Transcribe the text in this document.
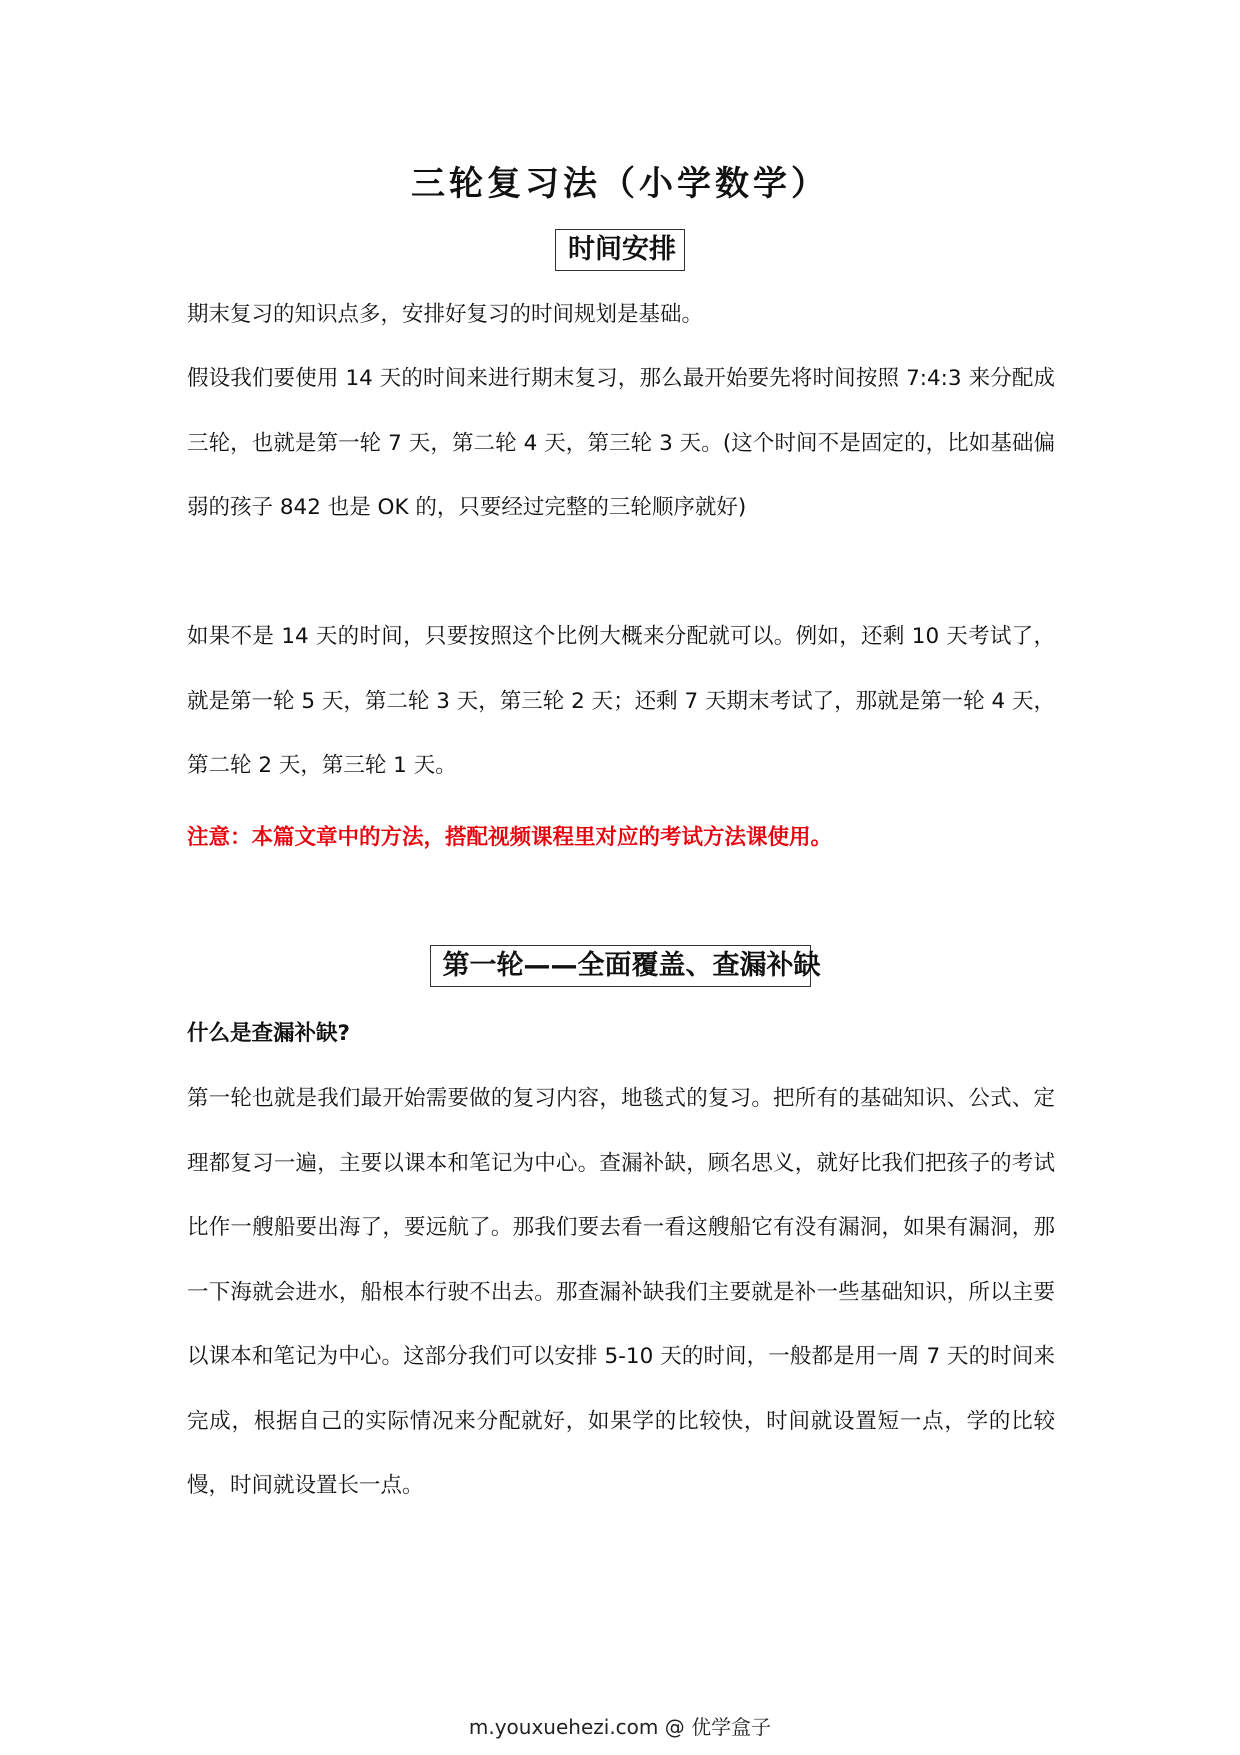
三轮复习法（小学数学）
时间安排
期末复习的知识点多，安排好复习的时间规划是基础。
假设我们要使用 14 天的时间来进行期末复习，那么最开始要先将时间按照 7:4:3 来分配成三轮，也就是第一轮 7 天，第二轮 4 天，第三轮 3 天。(这个时间不是固定的，比如基础偏弱的孩子 842 也是 OK 的，只要经过完整的三轮顺序就好)
如果不是 14 天的时间，只要按照这个比例大概来分配就可以。例如，还剩 10 天考试了，就是第一轮 5 天，第二轮 3 天，第三轮 2 天；还剩 7 天期末考试了，那就是第一轮 4 天，第二轮 2 天，第三轮 1 天。
注意：本篇文章中的方法，搭配视频课程里对应的考试方法课使用。
第一轮——全面覆盖、查漏补缺
什么是查漏补缺?
第一轮也就是我们最开始需要做的复习内容，地毯式的复习。把所有的基础知识、公式、定理都复习一遍，主要以课本和笔记为中心。查漏补缺，顾名思义，就好比我们把孩子的考试比作一艘船要出海了，要远航了。那我们要去看一看这艘船它有没有漏洞，如果有漏洞，那一下海就会进水，船根本行驶不出去。那查漏补缺我们主要就是补一些基础知识，所以主要以课本和笔记为中心。这部分我们可以安排 5-10 天的时间，一般都是用一周 7 天的时间来完成，根据自己的实际情况来分配就好，如果学的比较快，时间就设置短一点，学的比较慢，时间就设置长一点。
m.youxuehezi.com @ 优学盒子
